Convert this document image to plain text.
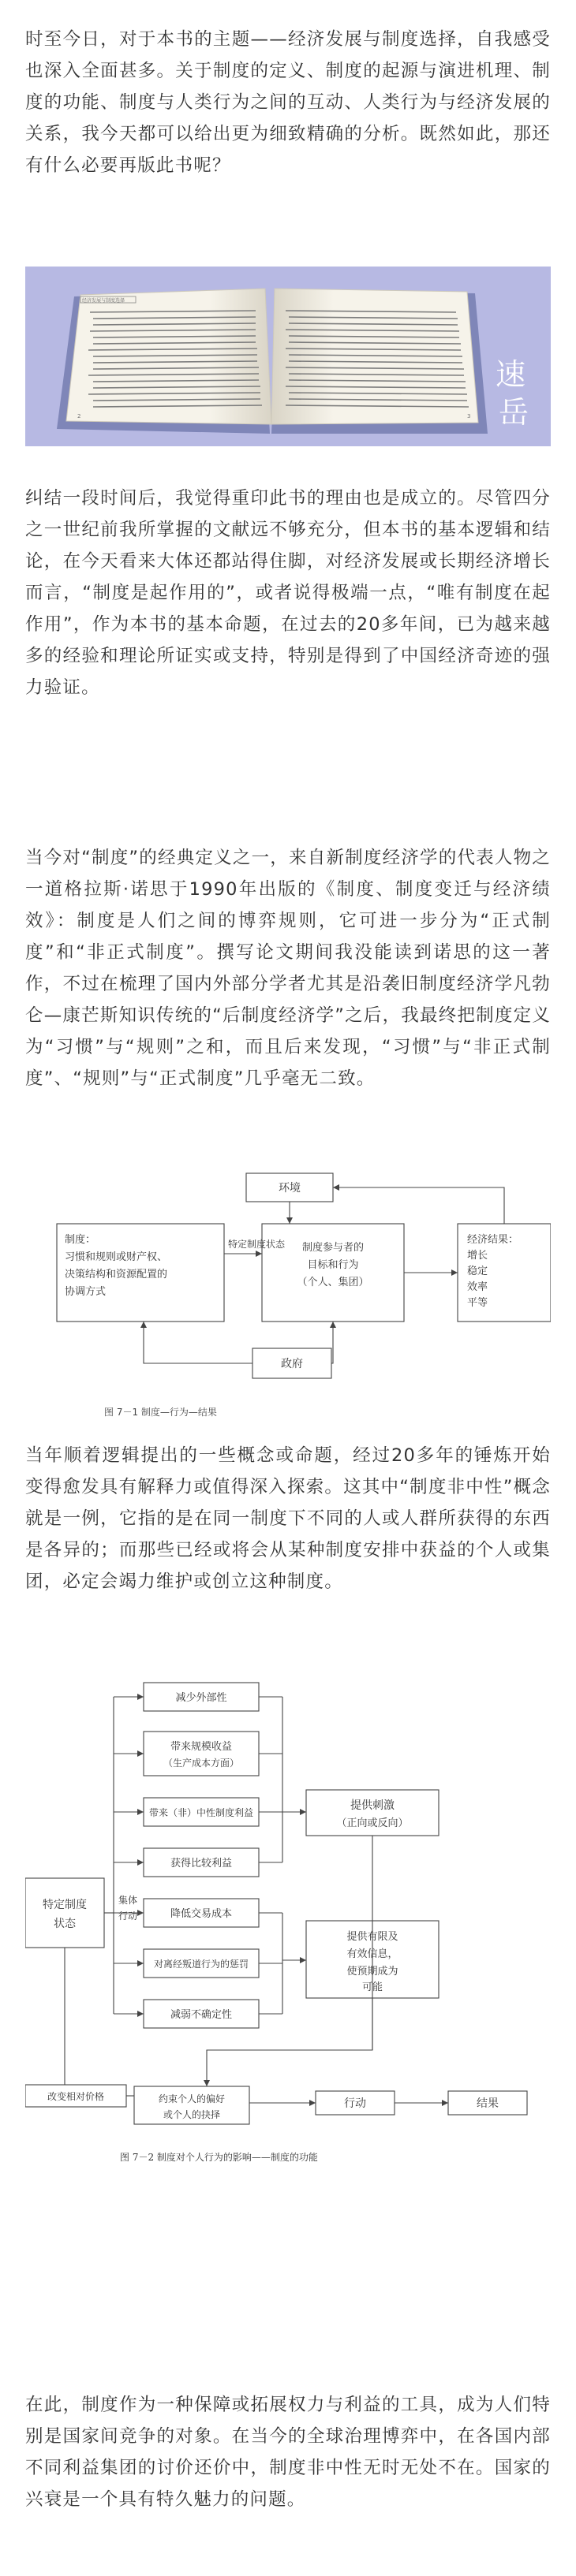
时至今日，对于本书的主题——经济发展与制度选择，自我感受也深入全面甚多。关于制度的定义、制度的起源与演进机理、制度的功能、制度与人类行为之间的互动、人类行为与经济发展的关系，我今天都可以给出更为细致精确的分析。既然如此，那还有什么必要再版此书呢？

经济发展与制度选择
2	3
速
岳

纠结一段时间后，我觉得重印此书的理由也是成立的。尽管四分之一世纪前我所掌握的文献远不够充分，但本书的基本逻辑和结论，在今天看来大体还都站得住脚，对经济发展或长期经济增长而言，“制度是起作用的”，或者说得极端一点，“唯有制度在起作用”，作为本书的基本命题，在过去的20多年间，已为越来越多的经验和理论所证实或支持，特别是得到了中国经济奇迹的强力验证。

当今对“制度”的经典定义之一，来自新制度经济学的代表人物之一道格拉斯·诺思于1990年出版的《制度、制度变迁与经济绩效》：制度是人们之间的博弈规则，它可进一步分为“正式制度”和“非正式制度”。撰写论文期间我没能读到诺思的这一著作，不过在梳理了国内外部分学者尤其是沿袭旧制度经济学凡勃仑—康芒斯知识传统的“后制度经济学”之后，我最终把制度定义为“习惯”与“规则”之和，而且后来发现，“习惯”与“非正式制度”、“规则”与“正式制度”几乎毫无二致。

环境
制度：
习惯和规则或财产权、
决策结构和资源配置的
协调方式
特定制度状态 制度参与者的
目标和行为
（个人、集团）
经济结果：
增长
稳定
效率
平等
政府
图 7－1 制度—行为—结果

当年顺着逻辑提出的一些概念或命题，经过20多年的锤炼开始变得愈发具有解释力或值得深入探索。这其中“制度非中性”概念就是一例，它指的是在同一制度下不同的人或人群所获得的东西是各异的；而那些已经或将会从某种制度安排中获益的个人或集团，必定会竭力维护或创立这种制度。

特定制度
状态
集体
行动
减少外部性
带来规模收益
（生产成本方面）
带来（非）中性制度利益
获得比较利益
降低交易成本
对离经叛道行为的惩罚
减弱不确定性
提供刺激
（正向或反向）
提供有限及
有效信息，
使预期成为
可能
改变相对价格	约束个人的偏好
或个人的抉择
行动	结果
图 7－2 制度对个人行为的影响——制度的功能

在此，制度作为一种保障或拓展权力与利益的工具，成为人们特别是国家间竞争的对象。在当今的全球治理博弈中，在各国内部不同利益集团的讨价还价中，制度非中性无时无处不在。国家的兴衰是一个具有特久魅力的问题。
